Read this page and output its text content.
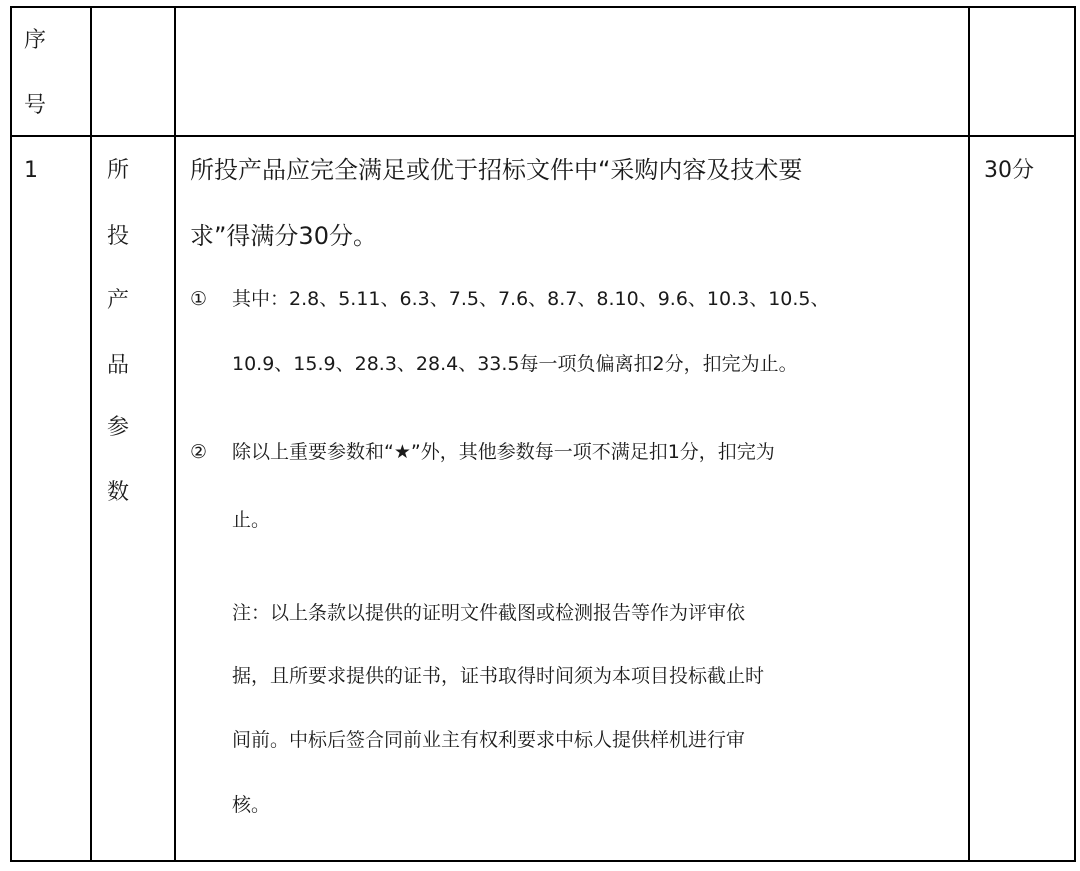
序
号
1	所
投
产
品
参
数
所投产品应完全满足或优于招标文件中“采购内容及技术要
求”得满分30分。
① 其中：2.8、5.11、6.3、7.5、7.6、8.7、8.10、9.6、10.3、10.5、
10.9、15.9、28.3、28.4、33.5每一项负偏离扣2分，扣完为止。
② 除以上重要参数和“★”外，其他参数每一项不满足扣1分，扣完为
止。
注：以上条款以提供的证明文件截图或检测报告等作为评审依
据，且所要求提供的证书，证书取得时间须为本项目投标截止时
间前。中标后签合同前业主有权利要求中标人提供样机进行审
核。
30分
